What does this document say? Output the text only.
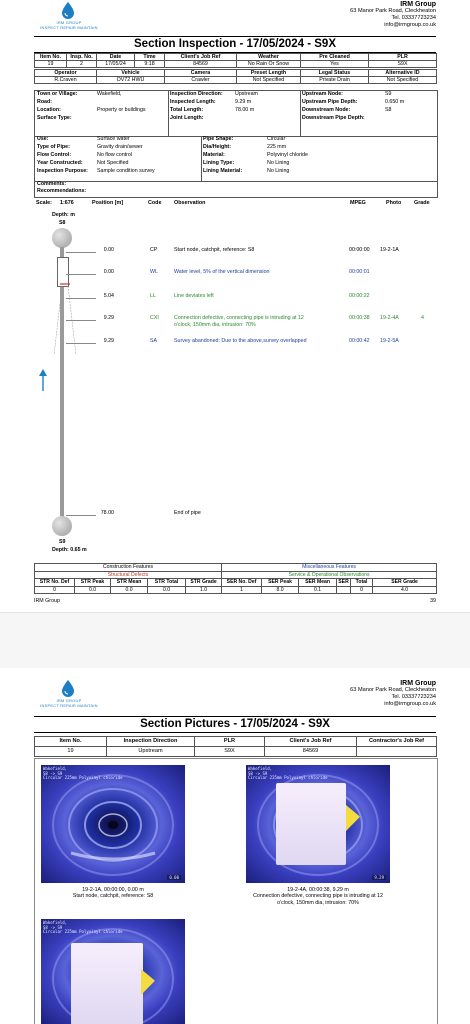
IRM GROUP
INSPECT REPAIR MAINTAIN
IRM Group
63 Manor Park Road, Cleckheaton
Tel. 03337723234
info@irmgroup.co.uk
Section Inspection - 17/05/2024 - S9X
Item No.	Insp. No.	Date	Time	Client's Job Ref	Weather	Pre Cleaned	PLR
19	2	17/05/24	9:18	84569	No Rain Or Snow	Yes	S9X
Operator	Vehicle	Camera	Preset Length	Legal Status	Alternative ID
R.Craven	OV72 HWU	Crawler	Not Specified	Private Drain	Not Specified
Town or Village:	Wakefield,
Road:
Location:	Property or buildings
Surface Type:
Inspection Direction: Upstream
Inspected Length:	9.29 m
Total Length:	78.00 m
Joint Length:
Upstream Node:	S9
Upstream Pipe Depth:	0.650 m
Downstream Node:	S8
Downstream Pipe Depth:
Use:	Surface water
Type of Pipe:	Gravity drain/sewer
Flow Control:	No flow control
Year Constructed:	Not Specified
Inspection Purpose: Sample condition survey
Pipe Shape:	Circular
Dia/Height:	225 mm
Material:	Polyvinyl chloride
Lining Type:	No Lining
Lining Material:	No Lining
Comments:
Recommendations:
Scale: 1:676	Position [m]	Code Observation	MPEG	Photo Grade
Depth: m
S8
0.00	CP	Start node, catchpit, reference: S8	00:00:00 19-2-1A
0.00	WL	Water level, 5% of the vertical dimension	00:00:01
5.04	LL	Line deviates left	00:00:22
9.29	CXI	Connection defective, connecting pipe is intruding at 12
o'clock, 150mm dia, intrusion: 70%
00:00:38 19-2-4A	4
9.29	SA	Survey abandoned: Due to the above,survey overlapped	00:00:42 19-2-5A
78.00	End of pipe
S9
Depth: 0.65 m
Construction Features					Miscellaneous Features					
Structural Defects					Service & Operational Observations					
STR No. Def	STR Peak	STR Mean	STR Total	STR Grade	SER No. Def	SER Peak	SER Mean	SER	Total	SER Grade
0	0.0	0.0	0.0	1.0	1	8.0	0.1		0	4.0
IRM Group	39
IRM GROUP
INSPECT REPAIR MAINTAIN
IRM Group
63 Manor Park Road, Cleckheaton
Tel. 03337723234
info@irmgroup.co.uk
Section Pictures - 17/05/2024 - S9X
Item No.	Inspection Direction	PLR	Client's Job Ref	Contractor's Job Ref
19	Upstream	S9X	84569	
Wakefield,
S8 -> S9
Circular 225mm Polyvinyl chloride
0.00
19-2-1A, 00:00:00, 0.00 m
Start node, catchpit, reference: S8
Wakefield,
S8 -> S9
Circular 225mm Polyvinyl chloride
9.29
19-2-4A, 00:00:38, 9.29 m
Connection defective, connecting pipe is intruding at 12
o'clock, 150mm dia, intrusion: 70%
Wakefield,
S8 -> S9
Circular 225mm Polyvinyl chloride
